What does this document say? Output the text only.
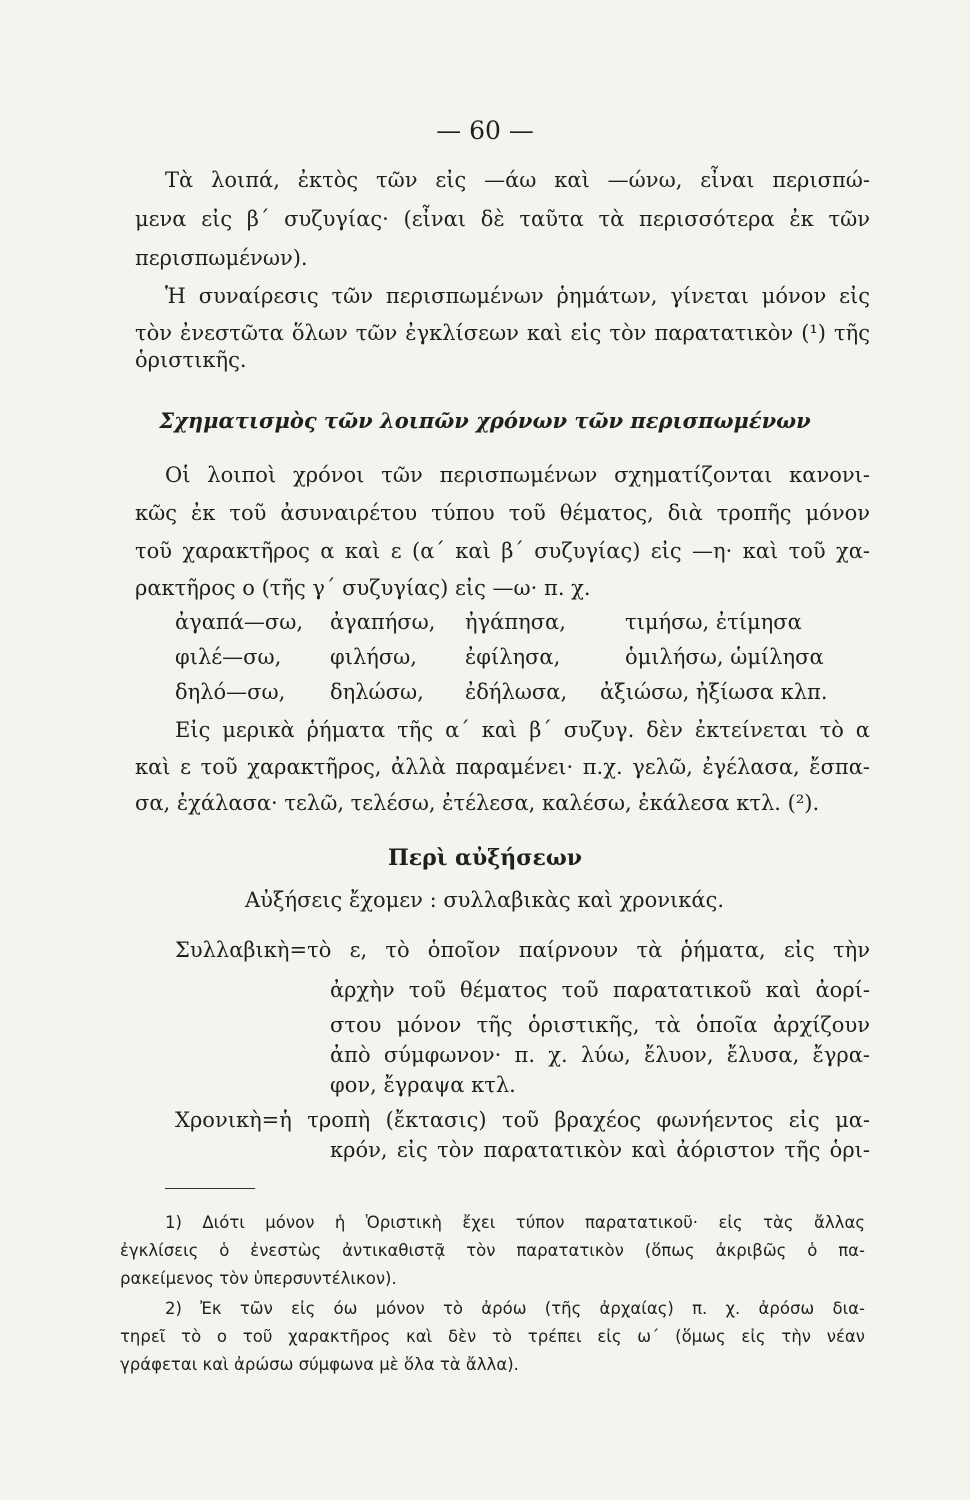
— 60 —
Τὰ λοιπά, ἐκτὸς τῶν εἰς —άω καὶ —ώνω, εἶναι περισπώ-
μενα εἰς β΄ συζυγίας· (εἶναι δὲ ταῦτα τὰ περισσότερα ἐκ τῶν
περισπωμένων).
Ἡ συναίρεσις τῶν περισπωμένων ῥημάτων, γίνεται μόνον εἰς
τὸν ἐνεστῶτα ὅλων τῶν ἐγκλίσεων καὶ εἰς τὸν παρατατικὸν (¹) τῆς
ὁριστικῆς.
Σχηματισμὸς τῶν λοιπῶν χρόνων τῶν περισπωμένων
Οἱ λοιποὶ χρόνοι τῶν περισπωμένων σχηματίζονται κανονι-
κῶς ἐκ τοῦ ἀσυναιρέτου τύπου τοῦ θέματος, διὰ τροπῆς μόνον
τοῦ χαρακτῆρος α καὶ ε (α΄ καὶ β΄ συζυγίας) εἰς —η· καὶ τοῦ χα-
ρακτῆρος ο (τῆς γ΄ συζυγίας) εἰς —ω· π. χ.
ἀγαπά—σω, ἀγαπήσω, ἠγάπησα,	τιμήσω, ἐτίμησα
φιλέ—σω, φιλήσω, ἐφίλησα,	ὁμιλήσω, ὡμίλησα
δηλό—σω, δηλώσω, ἐδήλωσα, ἀξιώσω, ἠξίωσα κλπ.
Εἰς μερικὰ ῥήματα τῆς α΄ καὶ β΄ συζυγ. δὲν ἐκτείνεται τὸ α
καὶ ε τοῦ χαρακτῆρος, ἀλλὰ παραμένει· π.χ. γελῶ, ἐγέλασα, ἔσπα-
σα, ἐχάλασα· τελῶ, τελέσω, ἐτέλεσα, καλέσω, ἐκάλεσα κτλ. (²).
Περὶ αὐξήσεων
Αὐξήσεις ἔχομεν : συλλαβικὰς καὶ χρονικάς.
Συλλαβικὴ=τὸ ε, τὸ ὁποῖον παίρνουν τὰ ῥήματα, εἰς τὴν
ἀρχὴν τοῦ θέματος τοῦ παρατατικοῦ καὶ ἀορί-
στου μόνον τῆς ὁριστικῆς, τὰ ὁποῖα ἀρχίζουν
ἀπὸ σύμφωνον· π. χ. λύω, ἔλυον, ἔλυσα, ἔγρα-
φον, ἔγραψα κτλ.
Χρονικὴ=ἡ τροπὴ (ἔκτασις) τοῦ βραχέος φωνήεντος εἰς μα-
κρόν, εἰς τὸν παρατατικὸν καὶ ἀόριστον τῆς ὁρι-
1) Διότι μόνον ἡ Ὁριστικὴ ἔχει τύπον παρατατικοῦ· εἰς τὰς ἄλλας
ἐγκλίσεις ὁ ἐνεστὼς ἀντικαθιστᾷ τὸν παρατατικὸν (ὅπως ἀκριβῶς ὁ πα-
ρακείμενος τὸν ὑπερσυντέλικον).
2) Ἐκ τῶν εἰς όω μόνον τὸ ἀρόω (τῆς ἀρχαίας) π. χ. ἀρόσω δια-
τηρεῖ τὸ ο τοῦ χαρακτῆρος καὶ δὲν τὸ τρέπει εἰς ω΄ (ὅμως εἰς τὴν νέαν
γράφεται καὶ ἀρώσω σύμφωνα μὲ ὅλα τὰ ἄλλα).
